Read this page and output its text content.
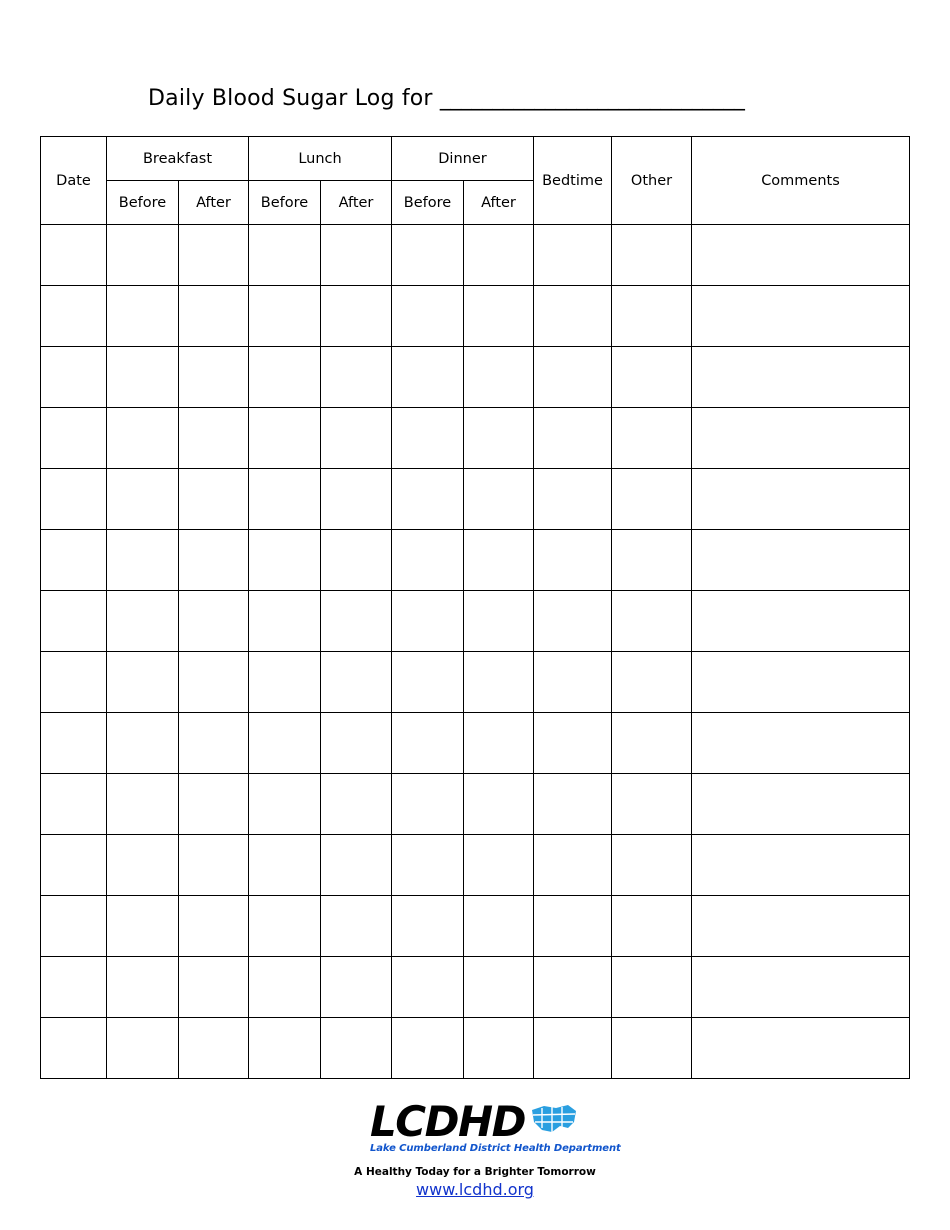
Daily Blood Sugar Log for _____________________________
Date	Breakfast		Lunch		Dinner		Bedtime	Other	Comments
	Before	After	Before	After	Before	After			

LCDHD
Lake Cumberland District Health Department
A Healthy Today for a Brighter Tomorrow
www.lcdhd.org
